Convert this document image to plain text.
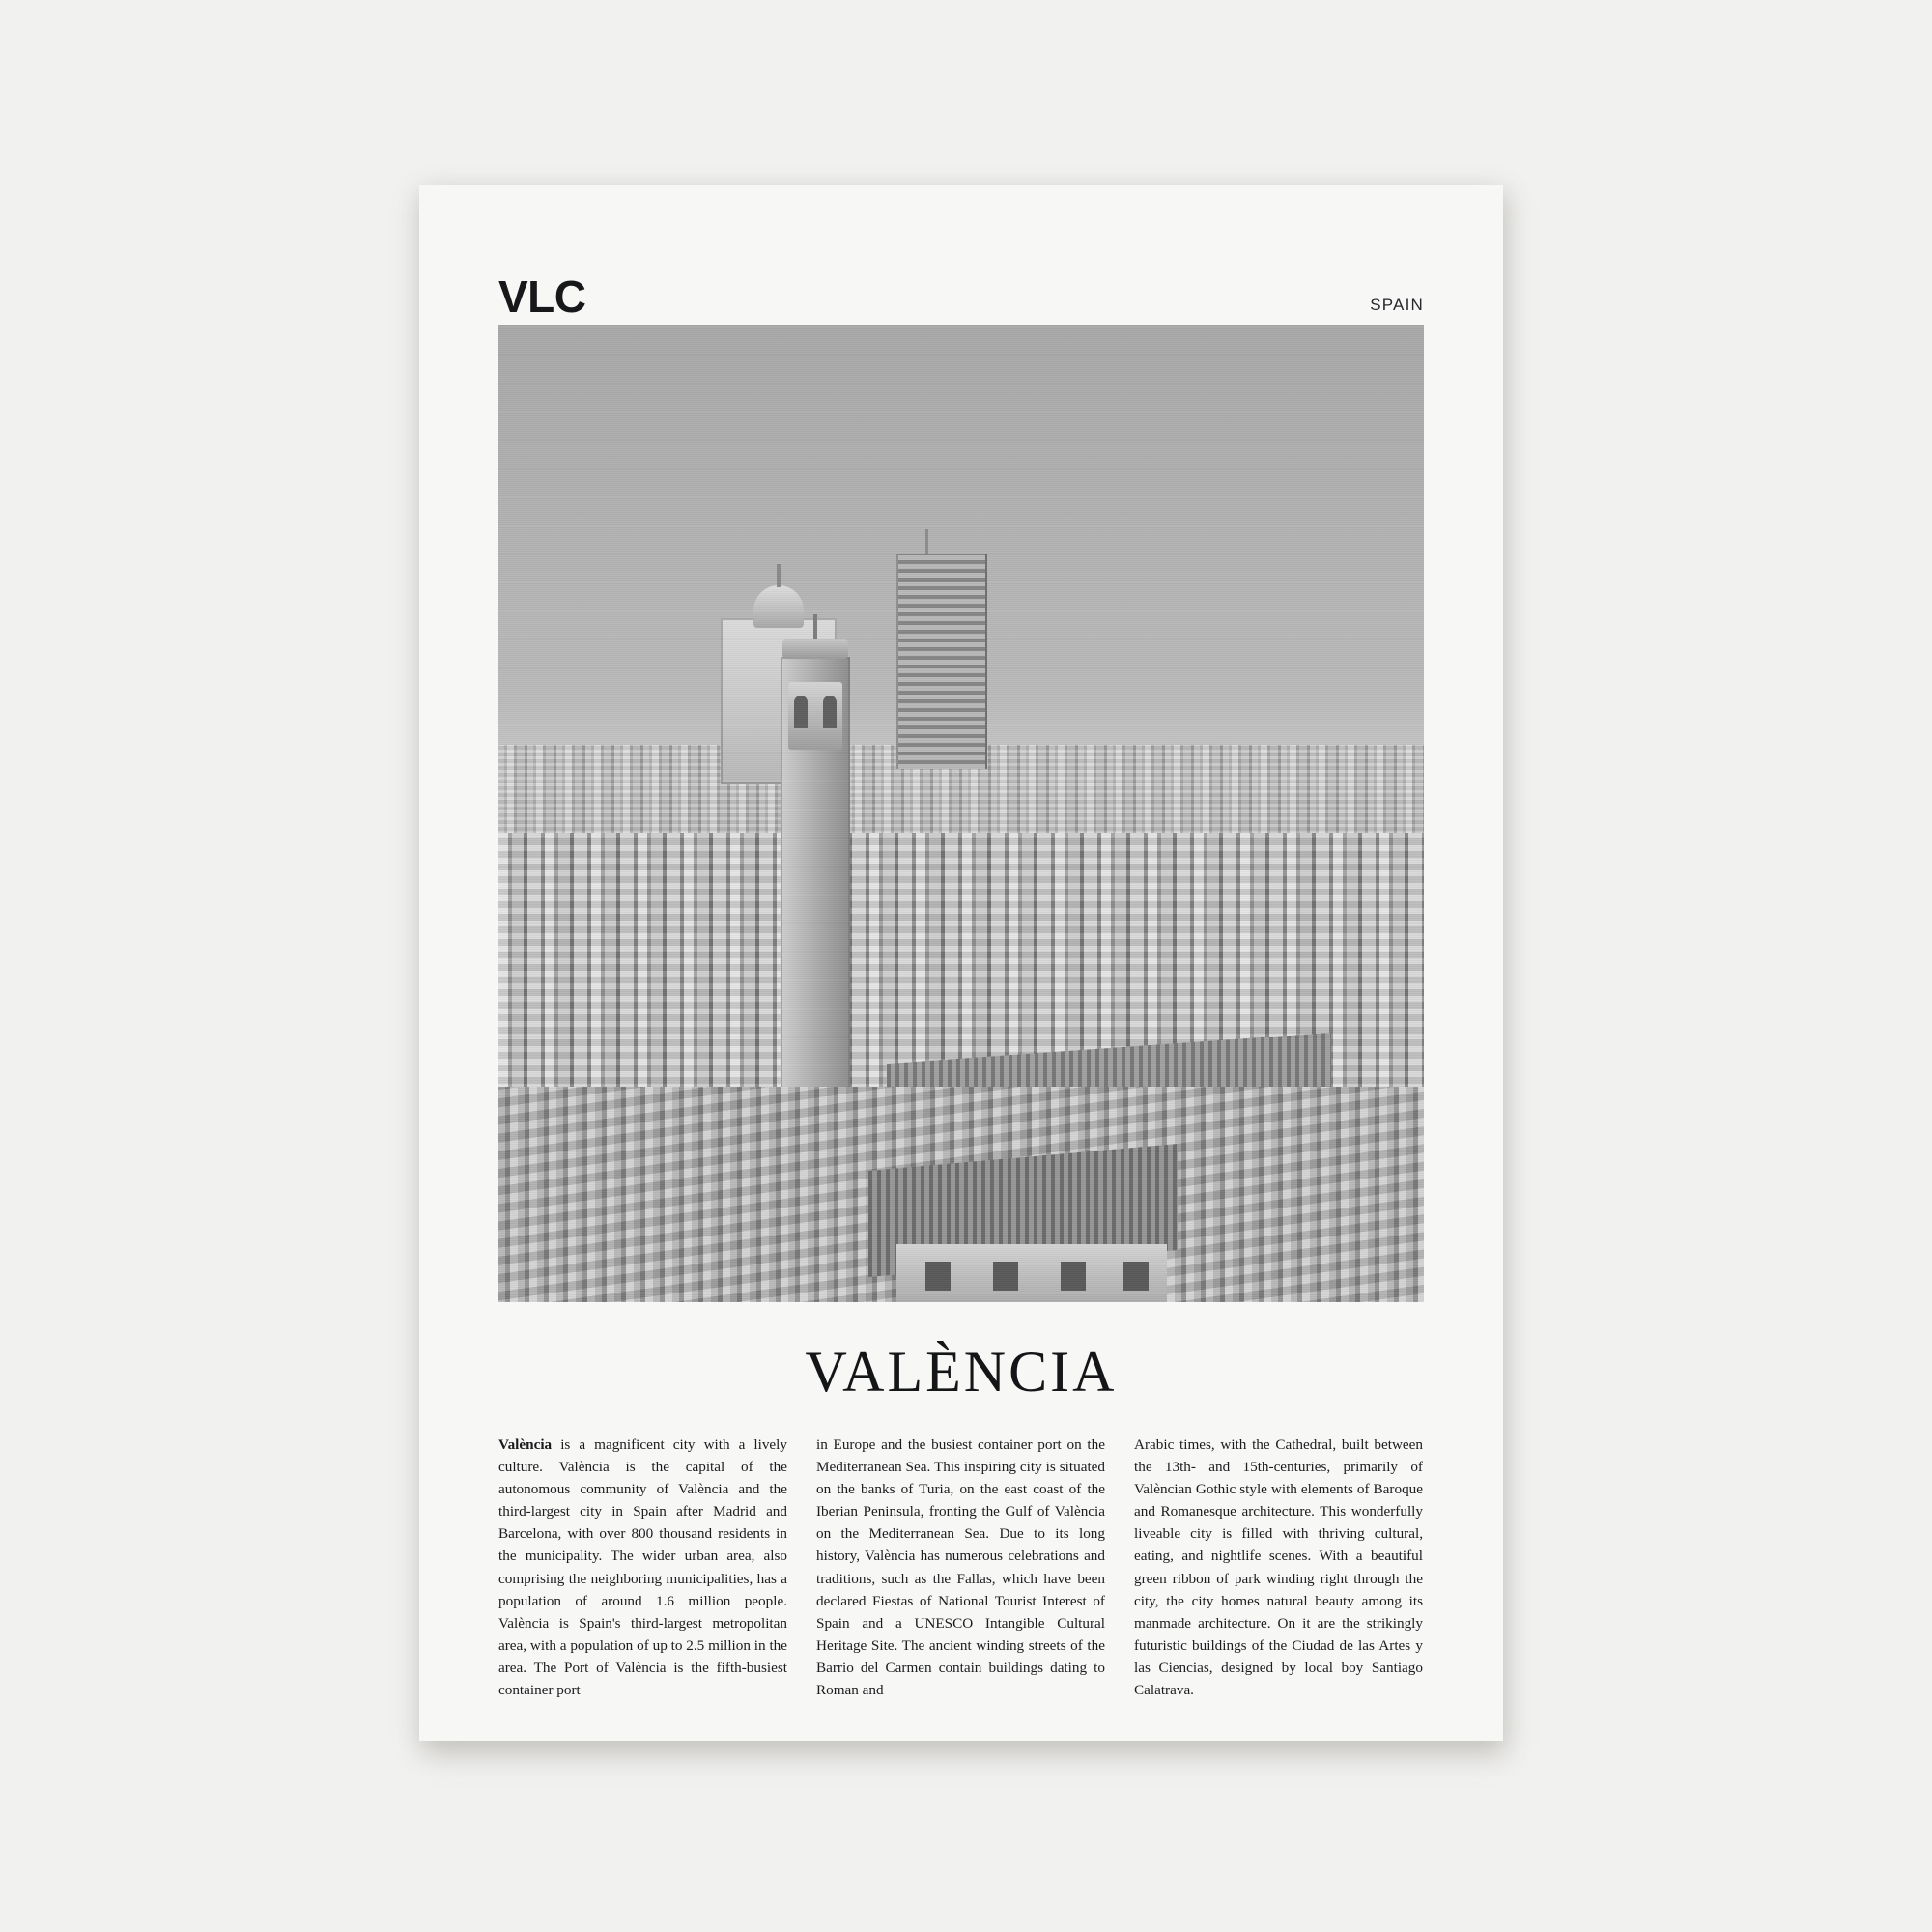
VLC	SPAIN
VALÈNCIA
València is a magnificent city with a lively culture. València is the capital of the autonomous community of València and the third-largest city in Spain after Madrid and Barcelona, with over 800 thousand residents in the municipality. The wider urban area, also comprising the neighboring municipalities, has a population of around 1.6 million people. València is Spain's third-largest metropolitan area, with a population of up to 2.5 million in the area. The Port of València is the fifth-busiest container port
in Europe and the busiest container port on the Mediterranean Sea. This inspiring city is situated on the banks of Turia, on the east coast of the Iberian Peninsula, fronting the Gulf of València on the Mediterranean Sea. Due to its long history, València has numerous celebrations and traditions, such as the Fallas, which have been declared Fiestas of National Tourist Interest of Spain and a UNESCO Intangible Cultural Heritage Site. The ancient winding streets of the Barrio del Carmen contain buildings dating to Roman and
Arabic times, with the Cathedral, built between the 13th- and 15th-centuries, primarily of Valèncian Gothic style with elements of Baroque and Romanesque architecture. This wonderfully liveable city is filled with thriving cultural, eating, and nightlife scenes. With a beautiful green ribbon of park winding right through the city, the city homes natural beauty among its manmade architecture. On it are the strikingly futuristic buildings of the Ciudad de las Artes y las Ciencias, designed by local boy Santiago Calatrava.
